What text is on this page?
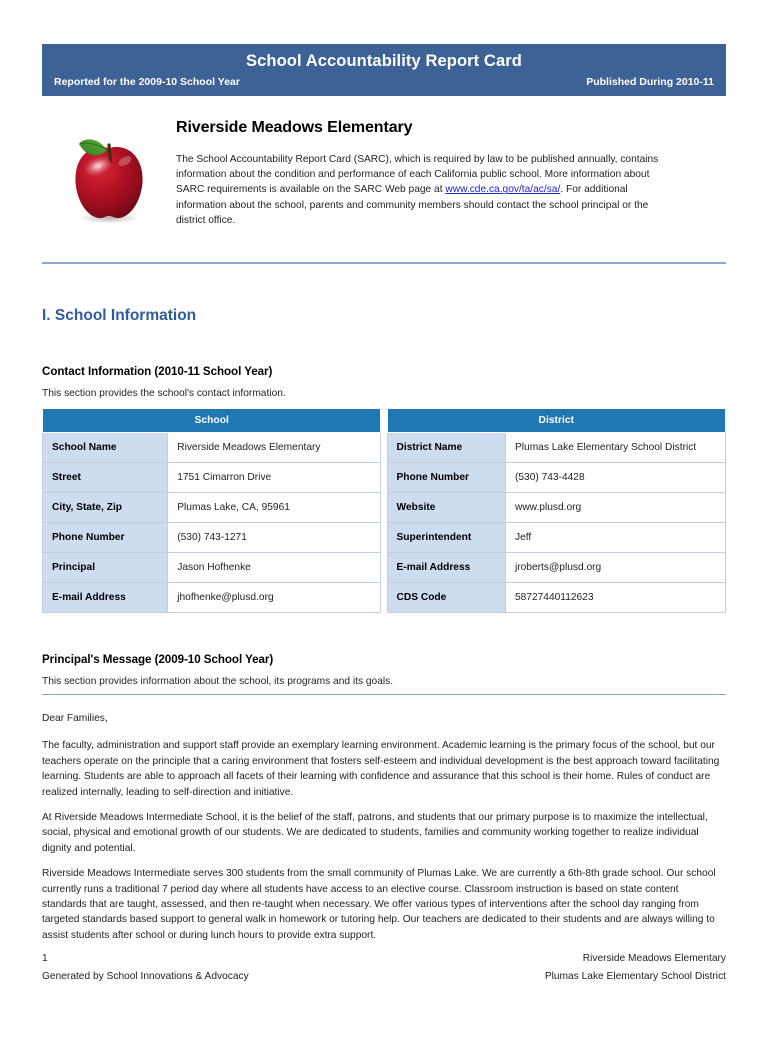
School Accountability Report Card
Reported for the 2009-10 School Year	Published During 2010-11
Riverside Meadows Elementary

The School Accountability Report Card (SARC), which is required by law to be published annually, contains information about the condition and performance of each California public school. More information about SARC requirements is available on the SARC Web page at www.cde.ca.gov/ta/ac/sa/. For additional information about the school, parents and community members should contact the school principal or the district office.

I. School Information
Contact Information (2010-11 School Year)

This section provides the school's contact information.

School			District	
School Name	Riverside Meadows Elementary		District Name	Plumas Lake Elementary School District
Street	1751 Cimarron Drive		Phone Number	(530) 743-4428
City, State, Zip	Plumas Lake, CA, 95961		Website	www.plusd.org
Phone Number	(530) 743-1271		Superintendent	Jeff
Principal	Jason Hofhenke		E-mail Address	jroberts@plusd.org
E-mail Address	jhofhenke@plusd.org		CDS Code	58727440112623
Principal's Message (2009-10 School Year)

This section provides information about the school, its programs and its goals.

Dear Families,

The faculty, administration and support staff provide an exemplary learning environment. Academic learning is the primary focus of the school, but our teachers operate on the principle that a caring environment that fosters self-esteem and individual development is the best approach toward facilitating learning. Students are able to approach all facets of their learning with confidence and assurance that this school is their home. Rules of conduct are realized internally, leading to self-direction and initiative.

At Riverside Meadows Intermediate School, it is the belief of the staff, patrons, and students that our primary purpose is to maximize the intellectual, social, physical and emotional growth of our students. We are dedicated to students, families and community working together to realize individual dignity and potential.

Riverside Meadows Intermediate serves 300 students from the small community of Plumas Lake. We are currently a 6th-8th grade school. Our school currently runs a traditional 7 period day where all students have access to an elective course. Classroom instruction is based on state content standards that are taught, assessed, and then re-taught when necessary. We offer various types of interventions after the school day ranging from targeted standards based support to general walk in homework or tutoring help. Our teachers are dedicated to their students and are always willing to assist students after school or during lunch hours to provide extra support.

1	Riverside Meadows Elementary
Generated by School Innovations & Advocacy	Plumas Lake Elementary School District
